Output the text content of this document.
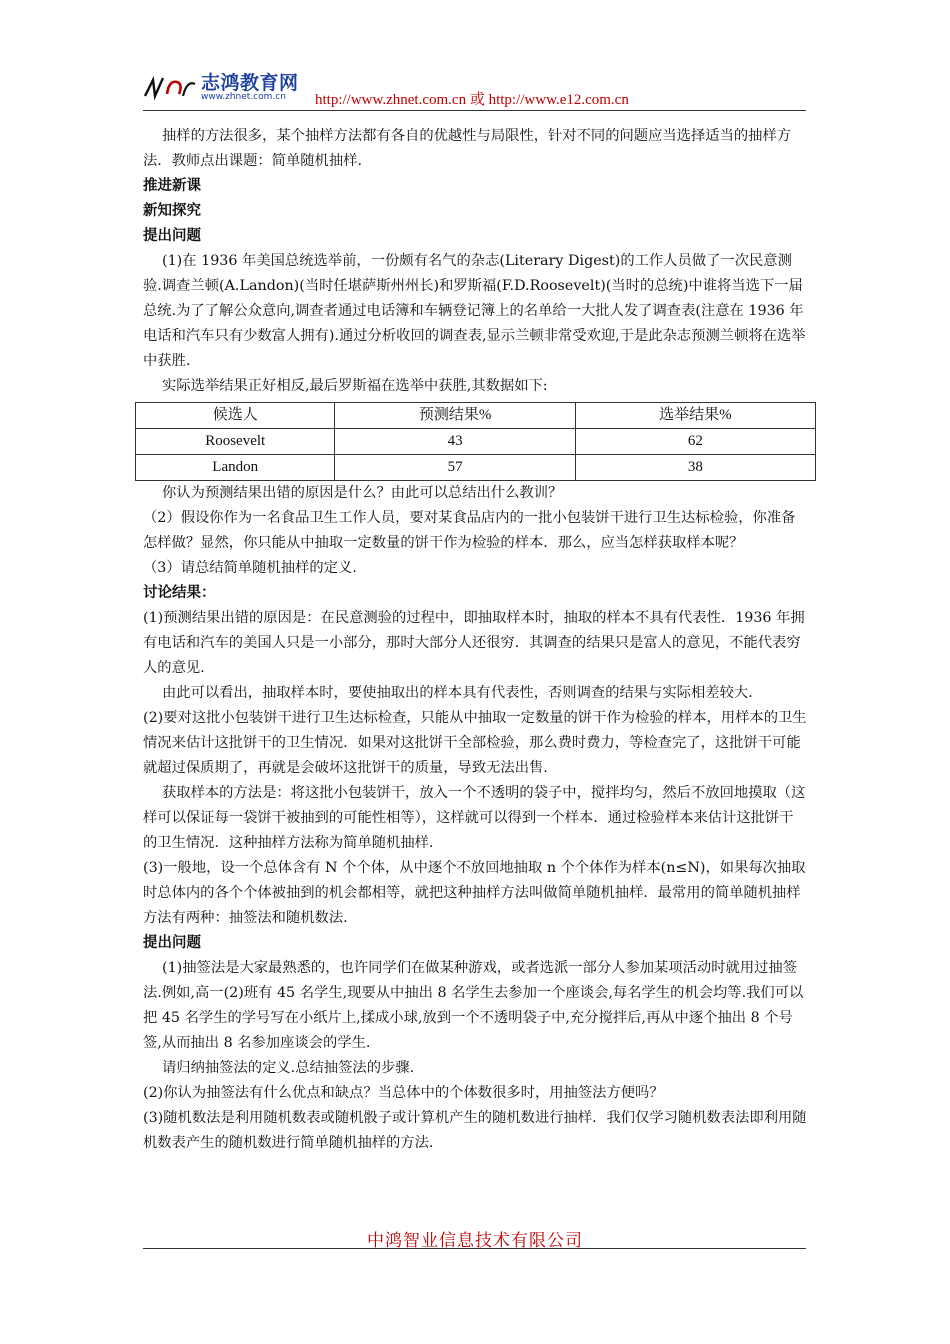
志鸿教育网
www.zhnet.com.cn http://www.zhnet.com.cn 或 http://www.e12.com.cn

抽样的方法很多，某个抽样方法都有各自的优越性与局限性，针对不同的问题应当选择适当的抽样方法．教师点出课题：简单随机抽样.

推进新课

新知探究

提出问题

(1)在 1936 年美国总统选举前，一份颇有名气的杂志(Literary Digest)的工作人员做了一次民意测验.调查兰顿(A.Landon)(当时任堪萨斯州州长)和罗斯福(F.D.Roosevelt)(当时的总统)中谁将当选下一届总统.为了了解公众意向,调查者通过电话簿和车辆登记簿上的名单给一大批人发了调查表(注意在 1936 年电话和汽车只有少数富人拥有).通过分析收回的调查表,显示兰顿非常受欢迎,于是此杂志预测兰顿将在选举中获胜.

实际选举结果正好相反,最后罗斯福在选举中获胜,其数据如下:

候选人	预测结果%	选举结果%
Roosevelt	43	62
Landon	57	38

你认为预测结果出错的原因是什么？由此可以总结出什么教训？

（2）假设你作为一名食品卫生工作人员，要对某食品店内的一批小包装饼干进行卫生达标检验，你准备怎样做？显然，你只能从中抽取一定数量的饼干作为检验的样本．那么，应当怎样获取样本呢？

（3）请总结简单随机抽样的定义.

讨论结果：

(1)预测结果出错的原因是：在民意测验的过程中，即抽取样本时，抽取的样本不具有代表性．1936 年拥有电话和汽车的美国人只是一小部分，那时大部分人还很穷．其调查的结果只是富人的意见，不能代表穷人的意见.

由此可以看出，抽取样本时，要使抽取出的样本具有代表性，否则调查的结果与实际相差较大.

(2)要对这批小包装饼干进行卫生达标检查，只能从中抽取一定数量的饼干作为检验的样本，用样本的卫生情况来估计这批饼干的卫生情况．如果对这批饼干全部检验，那么费时费力，等检查完了，这批饼干可能就超过保质期了，再就是会破坏这批饼干的质量，导致无法出售.

获取样本的方法是：将这批小包装饼干，放入一个不透明的袋子中，搅拌均匀，然后不放回地摸取（这样可以保证每一袋饼干被抽到的可能性相等），这样就可以得到一个样本．通过检验样本来估计这批饼干的卫生情况．这种抽样方法称为简单随机抽样.

(3)一般地，设一个总体含有 N 个个体，从中逐个不放回地抽取 n 个个体作为样本(n≤N)，如果每次抽取时总体内的各个个体被抽到的机会都相等，就把这种抽样方法叫做简单随机抽样．最常用的简单随机抽样方法有两种：抽签法和随机数法.

提出问题

(1)抽签法是大家最熟悉的，也许同学们在做某种游戏，或者选派一部分人参加某项活动时就用过抽签法.例如,高一(2)班有 45 名学生,现要从中抽出 8 名学生去参加一个座谈会,每名学生的机会均等.我们可以把 45 名学生的学号写在小纸片上,揉成小球,放到一个不透明袋子中,充分搅拌后,再从中逐个抽出 8 个号签,从而抽出 8 名参加座谈会的学生.

请归纳抽签法的定义.总结抽签法的步骤.

(2)你认为抽签法有什么优点和缺点？当总体中的个体数很多时，用抽签法方便吗？

(3)随机数法是利用随机数表或随机骰子或计算机产生的随机数进行抽样．我们仅学习随机数表法即利用随机数表产生的随机数进行简单随机抽样的方法.

中鸿智业信息技术有限公司
